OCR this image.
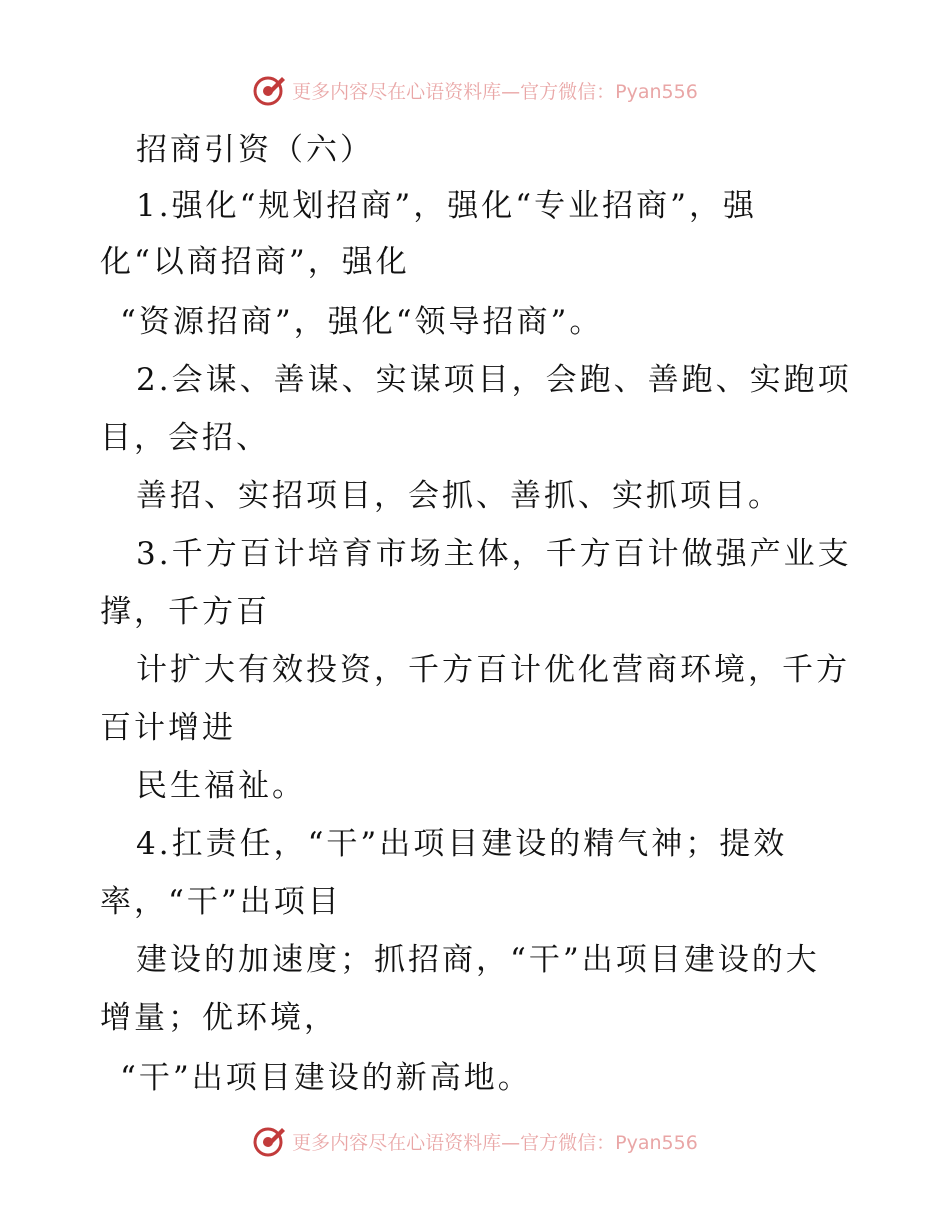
更多内容尽在心语资料库—官方微信：Pyan556
招商引资（六）
1.强化“规划招商”，强化“专业招商”，强
化“以商招商”，强化
“资源招商”，强化“领导招商”。
2.会谋、善谋、实谋项目，会跑、善跑、实跑项
目，会招、
善招、实招项目，会抓、善抓、实抓项目。
3.千方百计培育市场主体，千方百计做强产业支
撑，千方百
计扩大有效投资，千方百计优化营商环境，千方
百计增进
民生福祉。
4.扛责任，“干”出项目建设的精气神；提效
率，“干”出项目
建设的加速度；抓招商，“干”出项目建设的大
增量；优环境，
“干”出项目建设的新高地。
更多内容尽在心语资料库—官方微信：Pyan556
